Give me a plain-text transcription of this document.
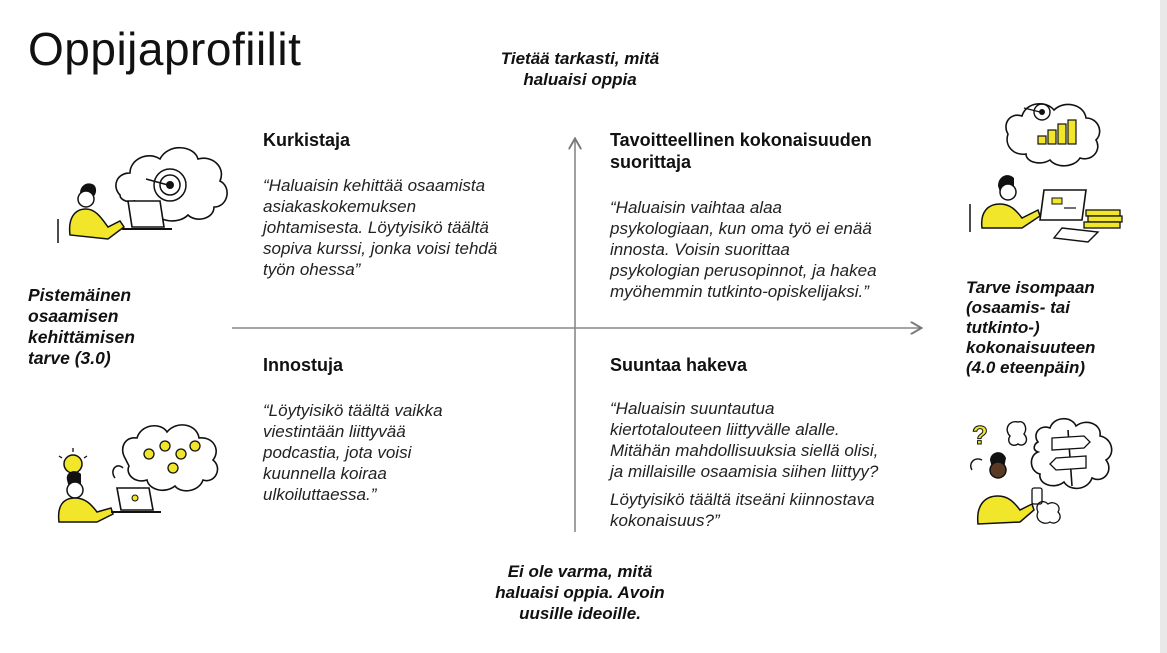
Oppijaprofiilit	Tietää tarkasti, mitä
haluaisi oppia
Ei ole varma, mitä
haluaisi oppia. Avoin
uusille ideoille.
Pistemäinen
osaamisen
kehittämisen
tarve (3.0)
Tarve isompaan
(osaamis- tai
tutkinto-)
kokonaisuuteen
(4.0 eteenpäin)
Kurkistaja
“Haluaisin kehittää osaamista
asiakaskokemuksen
johtamisesta. Löytyisikö täältä
sopiva kurssi, jonka voisi tehdä
työn ohessa”
Tavoitteellinen kokonaisuuden
suorittaja
“Haluaisin vaihtaa alaa
psykologiaan, kun oma työ ei enää
innosta. Voisin suorittaa
psykologian perusopinnot, ja hakea
myöhemmin tutkinto-opiskelijaksi.”
Innostuja
“Löytyisikö täältä vaikka
viestintään liittyvää
podcastia, jota voisi
kuunnella koiraa
ulkoiluttaessa.”
Suuntaa hakeva
“Haluaisin suuntautua
kiertotalouteen liittyvälle alalle.
Mitähän mahdollisuuksia siellä olisi,
ja millaisille osaamisia siihen liittyy?
Löytyisikö täältä itseäni kiinnostava
kokonaisuus?”
?
